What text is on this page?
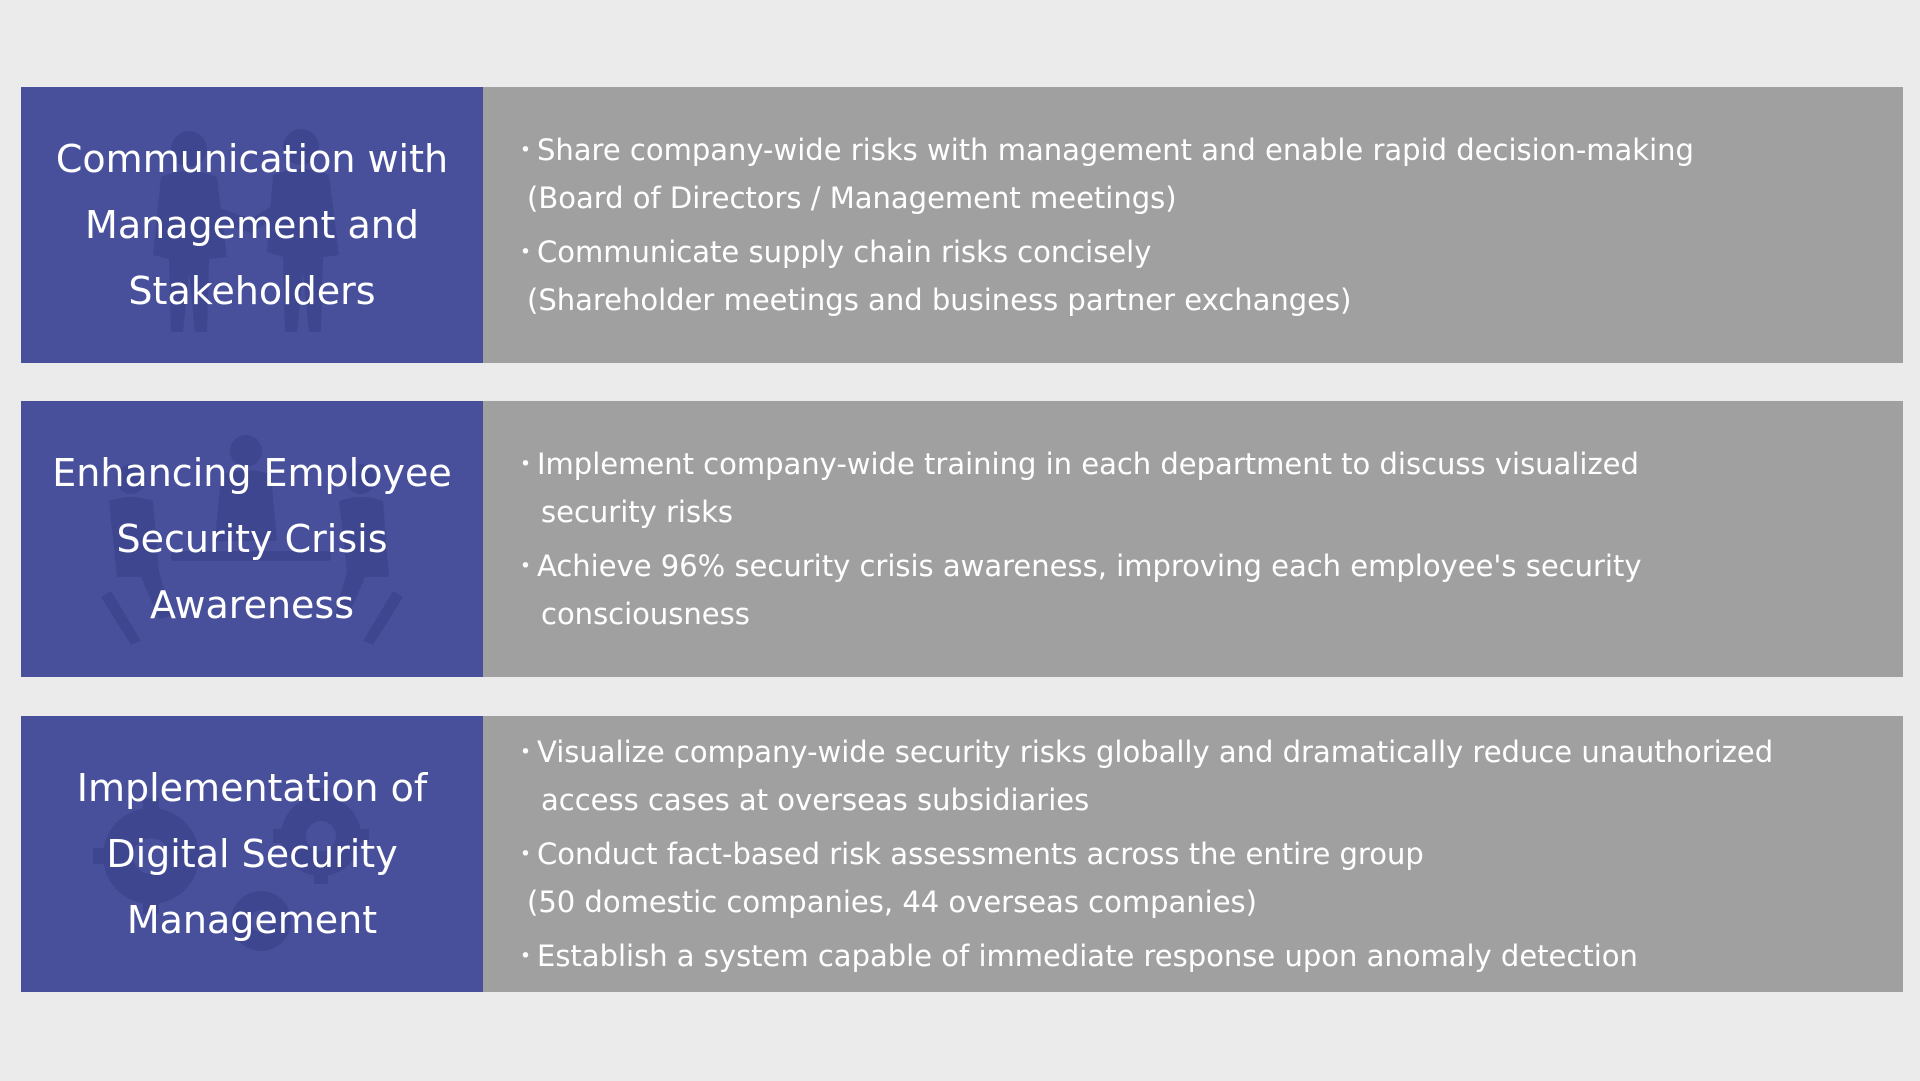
Communication with
Management and
Stakeholders
・ Share company-wide risks with management and enable rapid decision-making
(Board of Directors / Management meetings)
・ Communicate supply chain risks concisely
(Shareholder meetings and business partner exchanges)
Enhancing Employee
Security Crisis
Awareness
・ Implement company-wide training in each department to discuss visualized
security risks
・ Achieve 96% security crisis awareness, improving each employee's security
consciousness
Implementation of
Digital Security
Management
・ Visualize company-wide security risks globally and dramatically reduce unauthorized
access cases at overseas subsidiaries
・ Conduct fact-based risk assessments across the entire group
(50 domestic companies, 44 overseas companies)
・ Establish a system capable of immediate response upon anomaly detection
